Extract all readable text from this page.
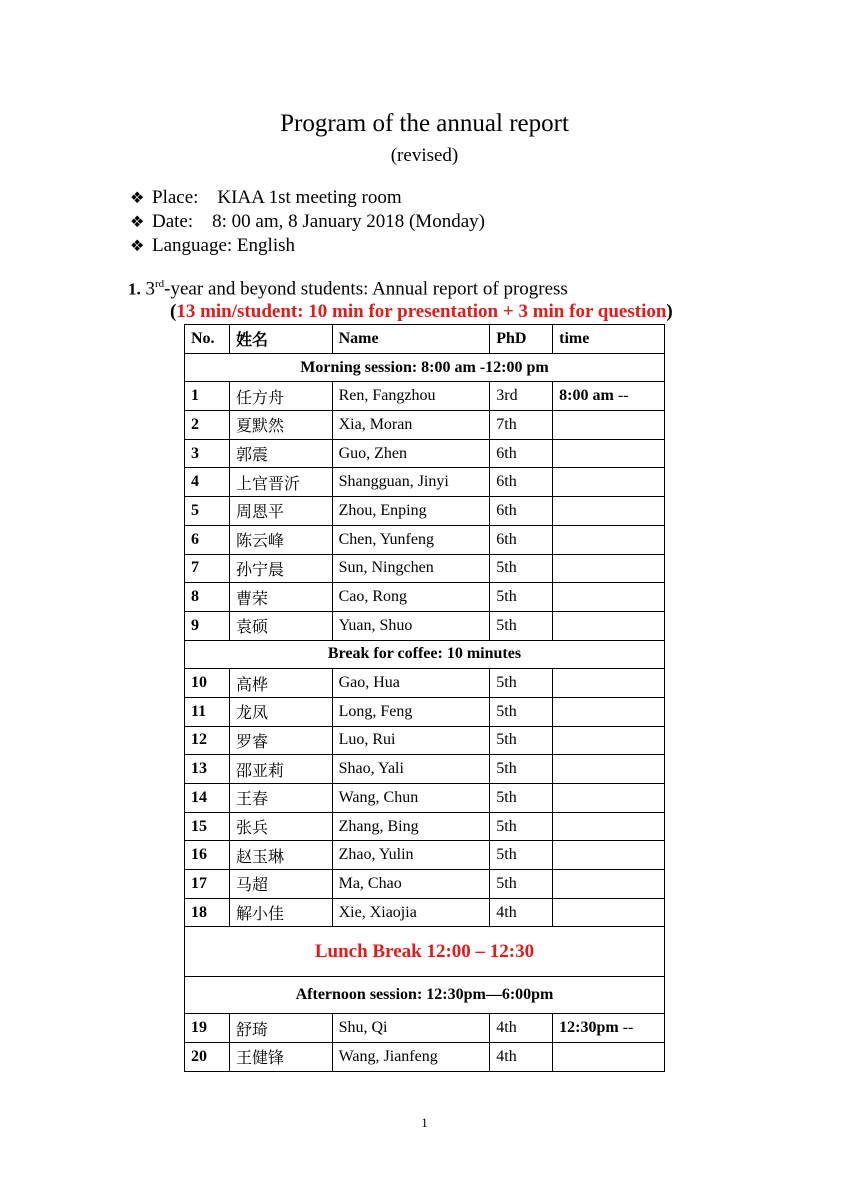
Program of the annual report
(revised)
❖ Place:    KIAA 1st meeting room
❖ Date:    8: 00 am, 8 January 2018 (Monday)
❖ Language: English
1. 3rd-year and beyond students: Annual report of progress
(13 min/student: 10 min for presentation + 3 min for question)
No.	姓名	Name	PhD	time
Morning session: 8:00 am -12:00 pm				
1	任方舟	Ren, Fangzhou	3rd	8:00 am --
2	夏默然	Xia, Moran	7th	
3	郭震	Guo, Zhen	6th	
4	上官晋沂	Shangguan, Jinyi	6th	
5	周恩平	Zhou, Enping	6th	
6	陈云峰	Chen, Yunfeng	6th	
7	孙宁晨	Sun, Ningchen	5th	
8	曹荣	Cao, Rong	5th	
9	袁硕	Yuan, Shuo	5th	
Break for coffee: 10 minutes				
10	高桦	Gao, Hua	5th	
11	龙凤	Long, Feng	5th	
12	罗睿	Luo, Rui	5th	
13	邵亚莉	Shao, Yali	5th	
14	王春	Wang, Chun	5th	
15	张兵	Zhang, Bing	5th	
16	赵玉琳	Zhao, Yulin	5th	
17	马超	Ma, Chao	5th	
18	解小佳	Xie, Xiaojia	4th	
Lunch Break 12:00 – 12:30				
Afternoon session: 12:30pm—6:00pm				
19	舒琦	Shu, Qi	4th	12:30pm --
20	王健锋	Wang, Jianfeng	4th	
1
